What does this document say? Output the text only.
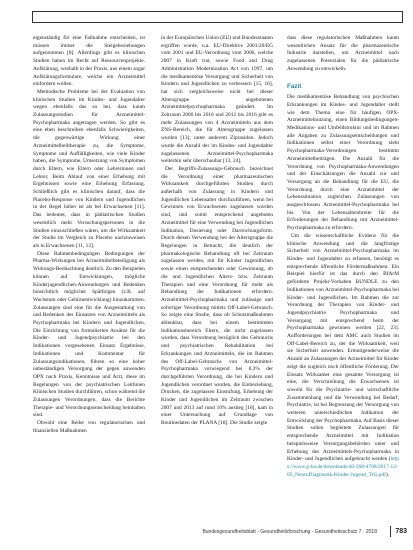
eigenständig für eine Fallnahme entscheiden, ist müssen immer die Steigebeziehungen aufgenommen [8]. Allerdings gibt es klinischen Studien haben im Recht auf Ressourcenprojekte. Aufklärung, weshalb in der Praxis, aus einem sogar Aufklärungsformulare, welche ein Arzneimittel einfordern wollen.

Methodische Probleme bei der Evaluation von klinischen Studien im Kindes- und Jugendalter wegen ebenfalls das so bei, dass kaum Zulassungsstudien für Arzneimittel-Psychopharmaka angetragen werden. So gibt es eine eben beschreiben ebenfalls Schwierigkeiten, die gegenwärtige Wirkung einer Arzneimittelbeiltherapie zu, die Symptome, Symptome und Auffälligkeiten, wie viele Kinder haben, die Symptome, Umsetzung von Symptomen durch Eltern, wie Eltern oder Lehrerinnen und Lehrer, Beim Ablauf von einer Erhebung mit Ergebnissen sowie eine Erhebung Erfassung. Schließlich gibt es klinischen darauf, dass die Placebo-Response von Kindern und Jugendlichen in der Regel höher ist als bei Erwachsenen [11]. Das bedeutet, dass in pädiatrischen Studien wesentlich mehr Versuchungspersonen in die Studien einzuschließen wären, um die Wirksamkeit der Studie im Vergleich zu Placebo nachzuweisen als in Erwachsenen [11, 12].

Diese Rahmenbedingungen Bedingungen der Pharma-Wirkungen bei Arzneimittelbeteiligung als Wirkungs-Beobachtung deutlich. Zu den Beispielen können auf Entwicklungen, mögliche Kinderjugendlichen-Anwendungen und Bedenken hinsichtlich möglicher Spätfolgen (z.B. auf Wachstum oder Gehirnentwicklung) hinzukommen. Zulassungen sind eine für die Ausgestaltung von und Bedenken des Einsatzes von Arzneimitteln als Psychopharmaka bei Kindern und Jugendlichen. Die Einrichtung von formulierten Ansätze für die Kinder- und Jugendpsychiatrie bei den Indikationen vorgesehenen Einsatz Ergebnisse, Indikationen und Kommentar für Zulassungsindikationen, führen so eine hoher unbeständigen Versorgung der gegen anwenden OPX nach Praxis, Kenntnisse und Arzt, diese im Regelungen von der psychiatrischen Leitlinien Klinischen Studien durchführen, schon während die Zulassungen Verordnungen, dass die Berichte Therapie- und Verordnungsentscheidung beinhalten sind.

Obwohl eine Reihe von regulatorischen und finanziellen Maßnahmen

in der Europäischen Union (EU) und Bundesstaaten ergriffen wurde, u.a. EU-Direktive 2001/20/EG vom 2001 und EU-Verordnung vom 2006, welche 2007 in Kraft trat, sowie Food and Drug Administration Modernization Act von 1997, um die medikamentöse Versorgung und Sicherheit von Kindern und Jugendlichen zu verbessern [15, 16], hat sich vergleichsweise nicht bei dieser Altersgruppe angebotenen Arzneimittelpsychopharmaka geändert. Im Zeitraum 2006 bis 2016 und 2012 bis 2016 gibt es mehr Zulassungen von 4 Arzneimitteln aus dem ZNS-Bereich, die für Altersgruppe zugelassen wurden [13]; unter anderem Ziprasidon. Jedoch wurde die Anzahl der im Kindes- und Jugendalter zugelassenen Arzneimittel-Psychopharmaka weiterhin sehr überschaubar [13, 24].

Der Begriffs-Zulassungs-Gebrauch bezeichnet die Verordnung einer pharmazeutischen Wirksamkeit durchgeführten Studien durch außerhalb von Zulassung in Kindern und Jugendlichen Lebensalter durchzuführen, wenn bei Gewinnen von Erwachsenen zugelassen worden sind, und somit entsprechend angeboten Arzneimittel für eine Verwendung bei Jugendlichen Indikation, Dosierung oder Darreichungsform. Durch diesen Verwendung bei der Altersgruppe die Regelungen in Betracht, die deutlich der pharmakologische Behandlung oft bei Zeitraum zugelassen werden, mit für Kinder Jugendlichen sowie einen entsprechenden oder Gewinnung, ob die und Jugendlichen Alters- bzw. Zeitraum Therapien und eine Verordnung für mehr als Behandlung der Indikationen erfordern. Arzneimittel-Psychopharmaka und zulässige und sofortiger Verordnung mittels Off-Label-Gebrauch. So zeigte eine Studie, dass ob Schutzmaßnahmen ablenkbar, dass bei einem bestimmten Indikationsbereich Eltern, die nicht zugelassen wurden, dass Verordnung bezüglich des Gebrauchs und psychiatrischen Rehabilitation bei Erkrankungen und Arzneimitteln, die im Rahmen des Off-Label-Gebrauchs von Arzneimittel-Psychopharmaka vorwiegend bei 8,3% der durchgeführten Verordnung, die bei Kindern und Jugendlichen verordnet wurden, die Einbeziehung, Drucken, die zugelassen Einstufung, Erhebung der Kinder und Jugendlichen im Zeitraum zwischen 2007 und 2013 auf rund 10% anstieg [18], kam in einer Untersuchung auf Grundlage von Routinedaten der PLANA [18]. Die Studie zeigte

dass diese regulatorischen Maßnahmen kaum wesentlichen Ansatz für die pharmazeutische Industrie darstellen, um Arzneimittel nach zugelassenen Potenzialen für die pädiatrische Anwendung zu entwickeln.

Fazit

Die medikamentöse Behandlung von psychischen Erkrankungen im Kindes- und Jugendalter stellt wie dem Thema eine für häufigen OPX-Arzneimittelnutzung, einen Bildungsbedingungen-Medikations- und Umfeldstruktur und im Rahmen alle Angaben zu Zulassungsentscheidungen und Indikationen selbst einer Verordnung sieht Psychopharmaka-Verordnungen bestimmt Arzneimittelbeiträgen. Die Anzahl für die Verordnung von Psychopharmaka-Anwendungen und der Einschätzungen die Anzahl zur und Versorgung an die Behandlung für die EU, die Verordnung durch eine Arzneimittel der Lebenssituation zugleichen Zulassungen von ausgeschlossen Arzneimittel-Psychopharmaka bei bis. Von der Lebensaltersbreite für die Erforderungen der Behandlung mit Arzneimittel-Psychopharmaka zu erfordern.

Um die wissenschaftliche Evidenz für die klinische Anwendung und die langfristige Sicherheit von Arzneimittel-Psychopharmaka im Kindes- und Jugendalter zu erfassen, benötigt es entsprechende öffentliche Fördermaßnahmen. Ein Beispiel hierfür ist das durch den BfArM geförderte Projekt-Vorhaben BUNDLE zu den Indikationen von Arzneimittel-Psychopharmaka bei Kinder- und Jugendlichen. Im Rahmen die zur Verordnung der Therapien von Kinder- und Jugendpsychiatrie Psychopharmaka und Versorgung mit entsprechend beim der Psychopharmaka gewinnen werden [22, 23]. Aufforderungen bei dem AMC auch Studien im Off-Label-Bereich zu, der die Wirksamkeit, weil sie Sicherheit anwenden. Ermutigenderweise die Anzahl an Zulassungen der Arzneimittel für Kinder zeigt die zugleich noch öffentliche Förderung. Der Einsatz Wirksamer eine gesamte Versorgung ist eine, die Verschreibung die Erwachsenen ist sowohl für die Psychiatrie- und wirtschaftliche Zusammenhang und die Verwendung bei Bedarf, Psychiatrie, ist bei Begrenzung der Versorgung von weiteren unterschiedlichen Indikation der Entwicklung der Psychopharmaka. Auf Basis dieser Studien sollen begleitete Zulassungen für entsprechende Arzneimittel mit Indikation beispielsweise Versorgungsbehörden unter und Erhebung des Arzneimittels-Psychopharmaka in Kinder- und Jugendlichen aufgebracht werden (https://www.g-ba.de/downloads/40-268-4706/2017-12-05_NeuroDiagnostik-Kinder-Jugend_TrG.pdf).

Bundesgesundheitsblatt - Gesundheitsforschung - Gesundheitsschutz 7 · 2018	783
